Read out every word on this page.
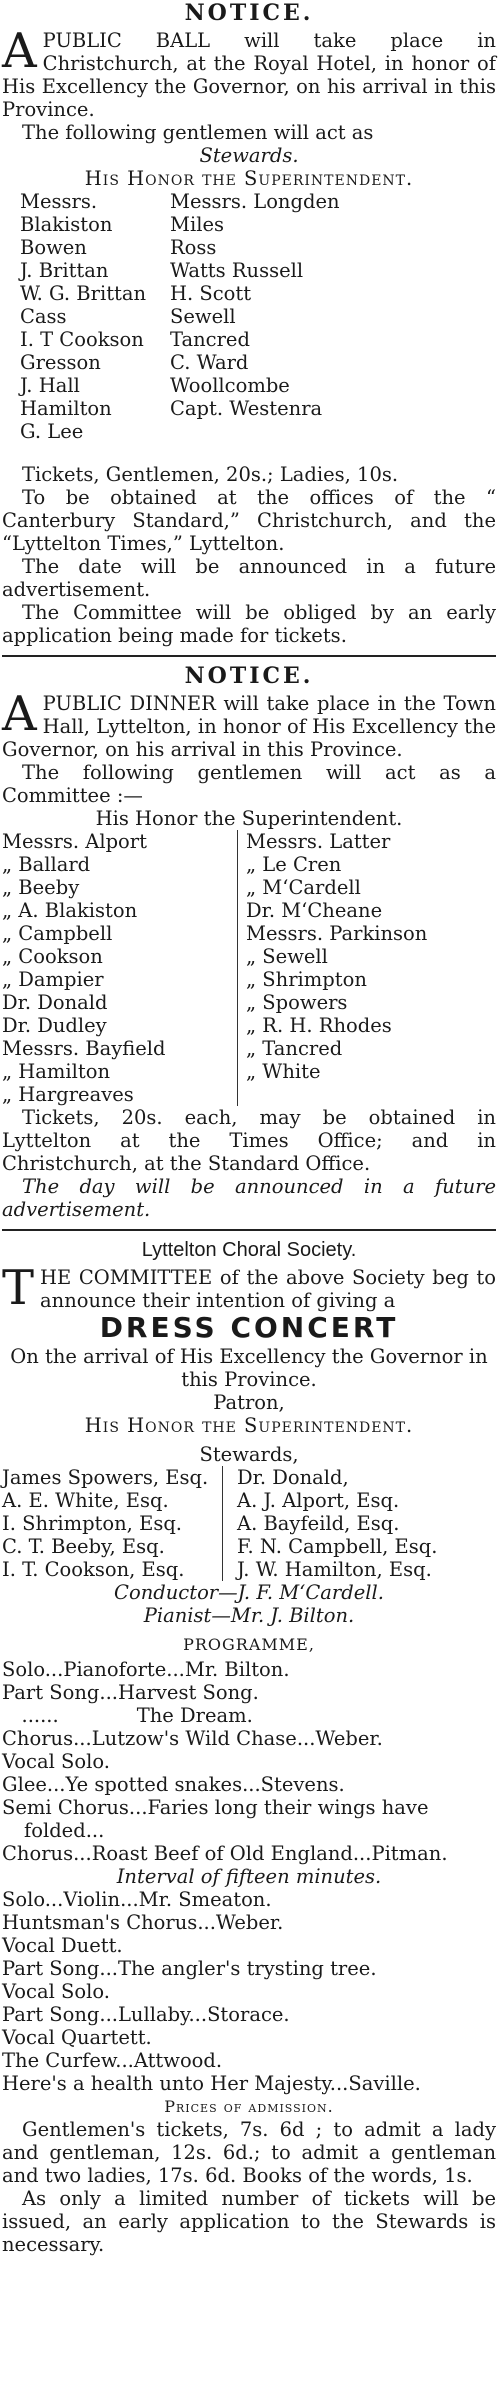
NOTICE.

APUBLIC BALL will take place in Christchurch, at the Royal Hotel, in honor of His Excellency the Governor, on his arrival in this Province.

The following gentlemen will act as

Stewards.
His Honor the Superintendent.
Messrs. Blakiston
Bowen
J. Brittan
W. G. Brittan
Cass
I. T Cookson
Gresson
J. Hall
Hamilton
G. Lee
Messrs. Longden
Miles
Ross
Watts Russell
H. Scott
Sewell
Tancred
C. Ward
Woollcombe
Capt. Westenra

Tickets, Gentlemen, 20s.; Ladies, 10s.

To be obtained at the offices of the “ Canterbury Standard,” Christchurch, and the “Lyttelton Times,” Lyttelton.

The date will be announced in a future advertisement.

The Committee will be obliged by an early application being made for tickets.

NOTICE.

APUBLIC DINNER will take place in the Town Hall, Lyttelton, in honor of His Excellency the Governor, on his arrival in this Province.

The following gentlemen will act as a Committee :—

His Honor the Superintendent.
Messrs. Alport
„ Ballard
„ Beeby
„ A. Blakiston
„ Campbell
„ Cookson
„ Dampier
Dr. Donald
Dr. Dudley
Messrs. Bayfield
„ Hamilton
„ Hargreaves
Messrs. Latter
„ Le Cren
„ M‘Cardell
Dr. M‘Cheane
Messrs. Parkinson
„ Sewell
„ Shrimpton
„ Spowers
„ R. H. Rhodes
„ Tancred
„ White

Tickets, 20s. each, may be obtained in Lyttelton at the Times Office; and in Christchurch, at the Standard Office.

The day will be announced in a future advertisement.

Lyttelton Choral Society.

THE COMMITTEE of the above Society beg to announce their intention of giving a

DRESS CONCERT

On the arrival of His Excellency the Governor in this Province.

Patron,
His Honor the Superintendent.
Stewards,
James Spowers, Esq.
A. E. White, Esq.
I. Shrimpton, Esq.
C. T. Beeby, Esq.
I. T. Cookson, Esq.
Dr. Donald,
A. J. Alport, Esq.
A. Bayfeild, Esq.
F. N. Campbell, Esq.
J. W. Hamilton, Esq.
Conductor—J. F. M‘Cardell.
Pianist—Mr. J. Bilton.
PROGRAMME,
Solo...Pianoforte...Mr. Bilton.
Part Song...Harvest Song.
 ......    The Dream.
Chorus...Lutzow's Wild Chase...Weber.
Vocal Solo.
Glee...Ye spotted snakes...Stevens.
Semi Chorus...Faries long their wings have folded...
Chorus...Roast Beef of Old England...Pitman.
Interval of fifteen minutes.
Solo...Violin...Mr. Smeaton.
Huntsman's Chorus...Weber.
Vocal Duett.
Part Song...The angler's trysting tree.
Vocal Solo.
Part Song...Lullaby...Storace.
Vocal Quartett.
The Curfew...Attwood.
Here's a health unto Her Majesty...Saville.
Prices of admission.

Gentlemen's tickets, 7s. 6d ; to admit a lady and gentleman, 12s. 6d.; to admit a gentleman and two ladies, 17s. 6d. Books of the words, 1s.

As only a limited number of tickets will be issued, an early application to the Stewards is necessary.
